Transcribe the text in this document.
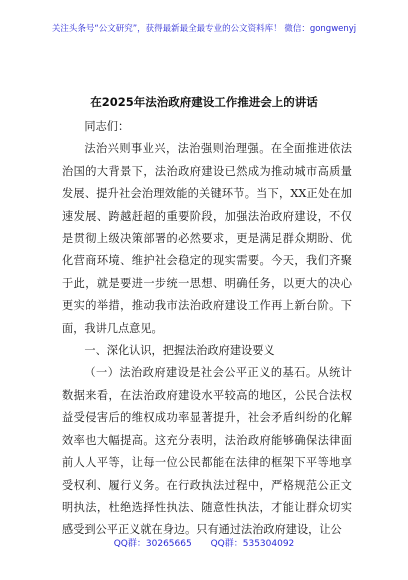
关注头条号“公文研究”，获得最新最全最专业的公文资料库！ 微信：gongwenyj
在2025年法治政府建设工作推进会上的讲话

同志们：

法治兴则事业兴，法治强则治理强。在全面推进依法治国的大背景下，法治政府建设已然成为推动城市高质量发展、提升社会治理效能的关键环节。当下，XX正处在加速发展、跨越赶超的重要阶段，加强法治政府建设，不仅是贯彻上级决策部署的必然要求，更是满足群众期盼、优化营商环境、维护社会稳定的现实需要。今天，我们齐聚于此，就是要进一步统一思想、明确任务，以更大的决心更实的举措，推动我市法治政府建设工作再上新台阶。下面，我讲几点意见。

一、深化认识，把握法治政府建设要义

（一）法治政府建设是社会公平正义的基石。从统计数据来看，在法治政府建设水平较高的地区，公民合法权益受侵害后的维权成功率显著提升，社会矛盾纠纷的化解效率也大幅提高。这充分表明，法治政府能够确保法律面前人人平等，让每一位公民都能在法律的框架下平等地享受权利、履行义务。在行政执法过程中，严格规范公正文明执法，杜绝选择性执法、随意性执法，才能让群众切实感受到公平正义就在身边。只有通过法治政府建设，让公

QQ群：30265665 QQ群：535304092
